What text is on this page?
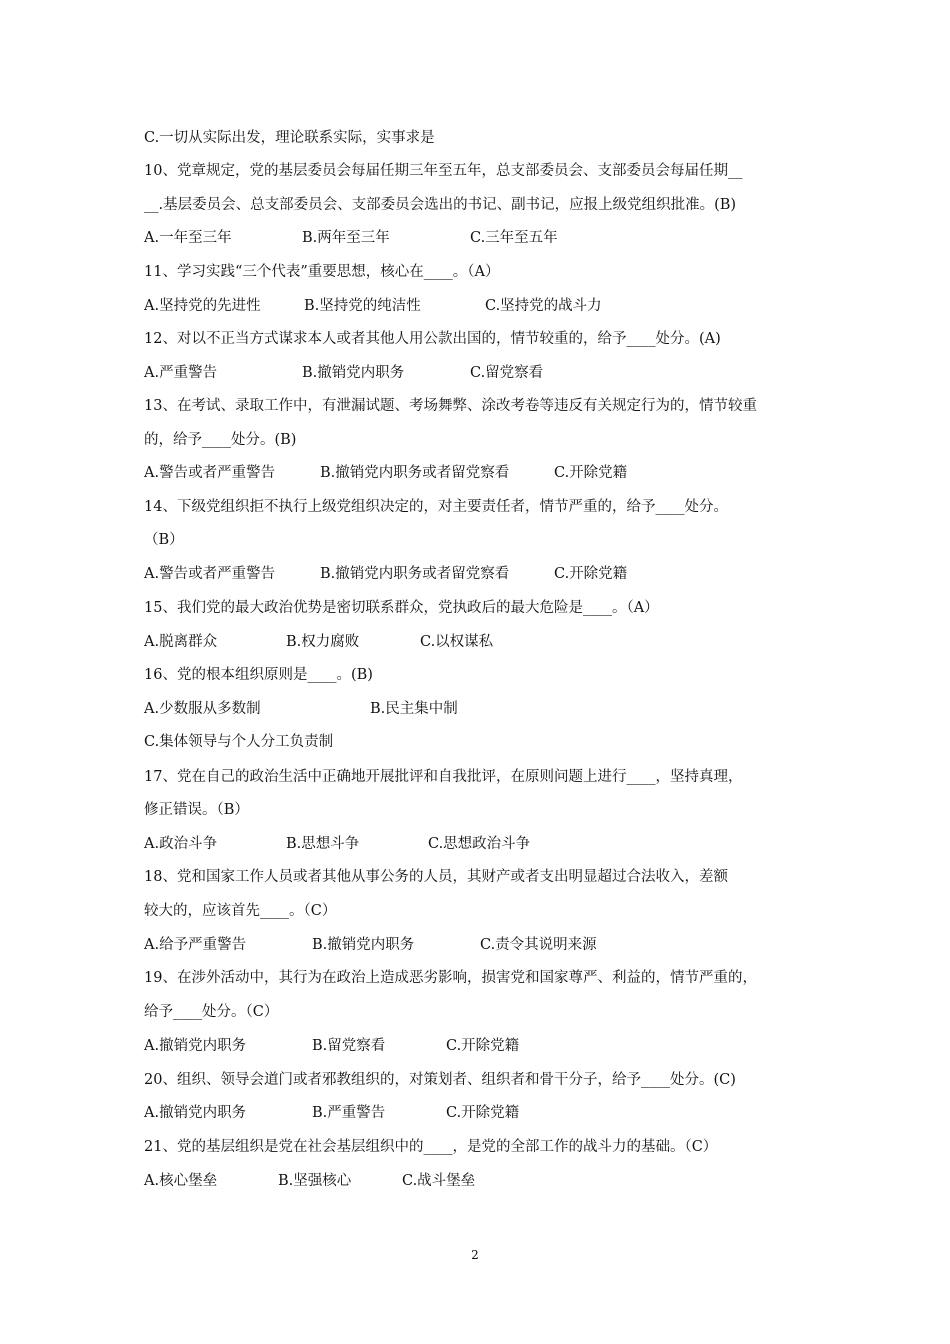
C.一切从实际出发，理论联系实际，实事求是
10、党章规定，党的基层委员会每届任期三年至五年，总支部委员会、支部委员会每届任期__
__.基层委员会、总支部委员会、支部委员会选出的书记、副书记，应报上级党组织批准。(B)
A.一年至三年	B.两年至三年	C.三年至五年
11、学习实践“三个代表”重要思想，核心在____。（A）
A.坚持党的先进性	B.坚持党的纯洁性	C.坚持党的战斗力
12、对以不正当方式谋求本人或者其他人用公款出国的，情节较重的，给予____处分。(A)
A.严重警告	B.撤销党内职务	C.留党察看
13、在考试、录取工作中，有泄漏试题、考场舞弊、涂改考卷等违反有关规定行为的，情节较重
的，给予____处分。(B)
A.警告或者严重警告	B.撤销党内职务或者留党察看	C.开除党籍
14、下级党组织拒不执行上级党组织决定的，对主要责任者，情节严重的，给予____处分。
（B）
A.警告或者严重警告	B.撤销党内职务或者留党察看	C.开除党籍
15、我们党的最大政治优势是密切联系群众，党执政后的最大危险是____。（A）
A.脱离群众	B.权力腐败	C.以权谋私
16、党的根本组织原则是____。(B)
A.少数服从多数制	B.民主集中制
C.集体领导与个人分工负责制
17、党在自己的政治生活中正确地开展批评和自我批评，在原则问题上进行____，坚持真理，
修正错误。（B）
A.政治斗争	B.思想斗争	C.思想政治斗争
18、党和国家工作人员或者其他从事公务的人员，其财产或者支出明显超过合法收入，差额
较大的，应该首先____。（C）
A.给予严重警告	B.撤销党内职务	C.责令其说明来源
19、在涉外活动中，其行为在政治上造成恶劣影响，损害党和国家尊严、利益的，情节严重的，
给予____处分。（C）
A.撤销党内职务	B.留党察看	C.开除党籍
20、组织、领导会道门或者邪教组织的，对策划者、组织者和骨干分子，给予____处分。(C)
A.撤销党内职务	B.严重警告	C.开除党籍
21、党的基层组织是党在社会基层组织中的____，是党的全部工作的战斗力的基础。（C）
A.核心堡垒	B.坚强核心	C.战斗堡垒
2
